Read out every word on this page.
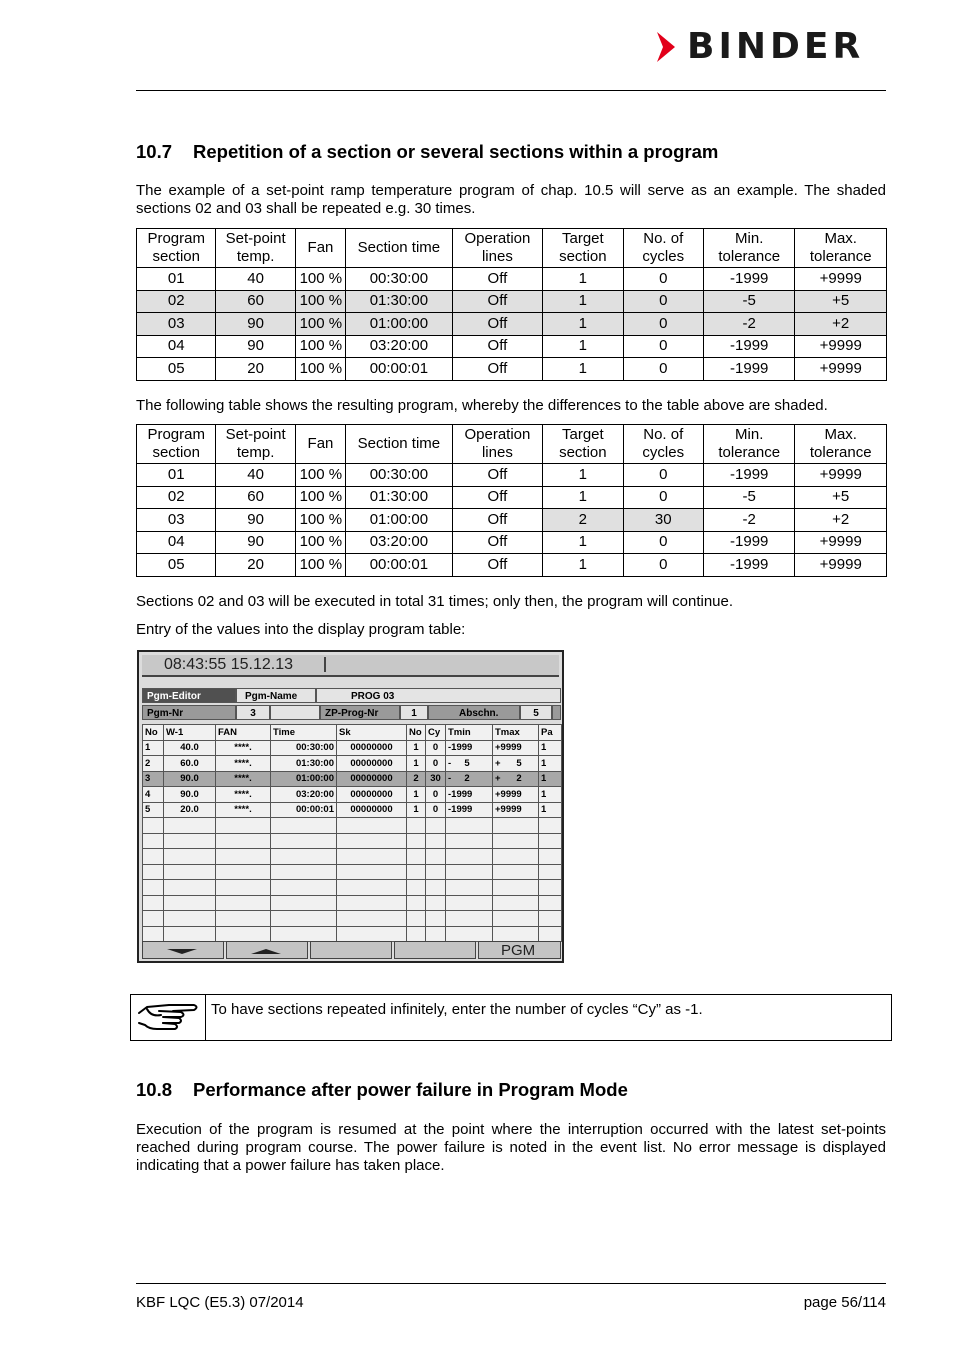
BINDER
10.7 Repetition of a section or several sections within a program
The example of a set-point ramp temperature program of chap. 10.5 will serve as an example. The shaded sections 02 and 03 shall be repeated e.g. 30 times.
Program section	Set-point temp.	Fan	Section time	Operation lines	Target section	No. of cycles	Min. tolerance	Max. tolerance
01	40	100 %	00:30:00	Off	1	0	-1999	+9999
02	60	100 %	01:30:00	Off	1	0	-5	+5
03	90	100 %	01:00:00	Off	1	0	-2	+2
04	90	100 %	03:20:00	Off	1	0	-1999	+9999
05	20	100 %	00:00:01	Off	1	0	-1999	+9999
The following table shows the resulting program, whereby the differences to the table above are shaded.
Program section	Set-point temp.	Fan	Section time	Operation lines	Target section	No. of cycles	Min. tolerance	Max. tolerance
01	40	100 %	00:30:00	Off	1	0	-1999	+9999
02	60	100 %	01:30:00	Off	1	0	-5	+5
03	90	100 %	01:00:00	Off	2	30	-2	+2
04	90	100 %	03:20:00	Off	1	0	-1999	+9999
05	20	100 %	00:00:01	Off	1	0	-1999	+9999
Sections 02 and 03 will be executed in total 31 times; only then, the program will continue.
Entry of the values into the display program table:
08:43:55 15.12.13
Pgm-Editor	Pgm-Name	PROG 03
Pgm-Nr	3	ZP-Prog-Nr	1	Abschn.	5
No	W-1	FAN	Time	Sk	No	Cy	Tmin	Tmax	Pa
1	40.0	****.	00:30:00	00000000	1	0	-1999	+9999	1
2	60.0	****.	01:30:00	00000000	1	0	-     5	+      5	1
3	90.0	****.	01:00:00	00000000	2	30	-     2	+      2	1
4	90.0	****.	03:20:00	00000000	1	0	-1999	+9999	1
5	20.0	****.	00:00:01	00000000	1	0	-1999	+9999	1

PGM
To have sections repeated infinitely, enter the number of cycles “Cy” as -1.
10.8 Performance after power failure in Program Mode
Execution of the program is resumed at the point where the interruption occurred with the latest set-points reached during program course. The power failure is noted in the event list. No error message is displayed indicating that a power failure has taken place.
KBF LQC (E5.3) 07/2014	page 56/114
